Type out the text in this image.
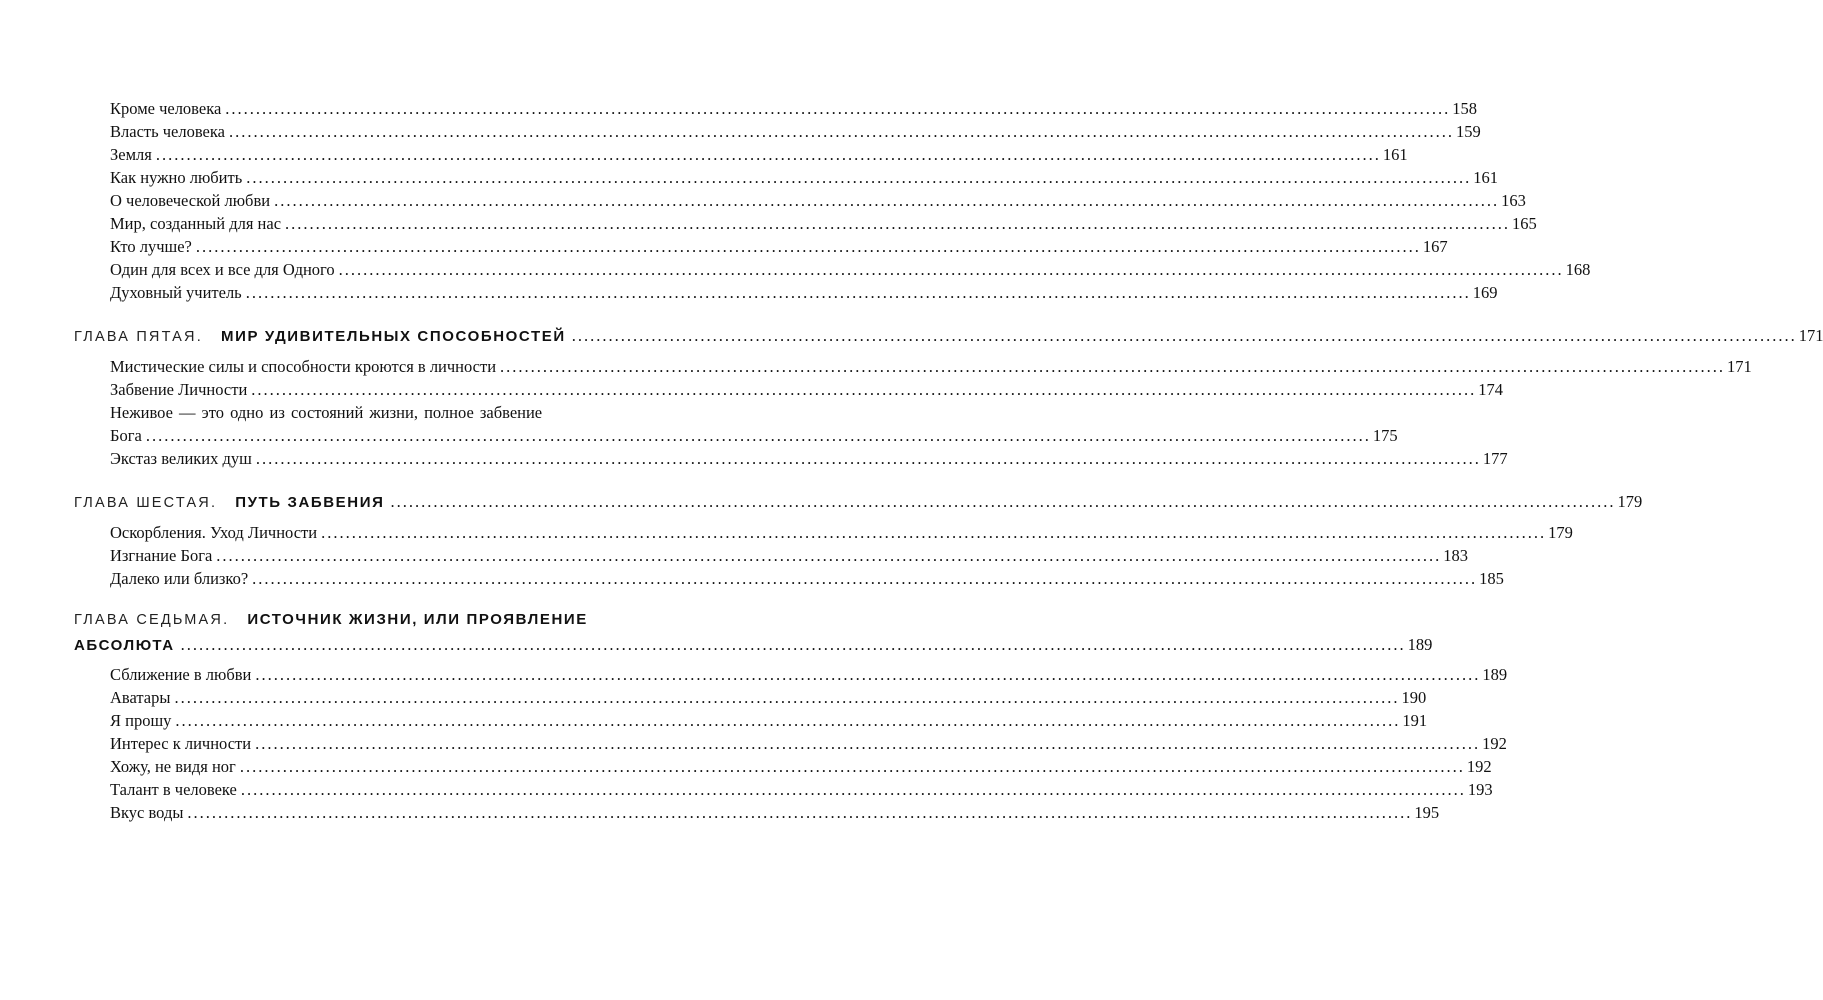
Кроме человека ........................................................................................................................................................................................................ 158
Власть человека ........................................................................................................................................................................................................ 159
Земля ........................................................................................................................................................................................................ 161
Как нужно любить ........................................................................................................................................................................................................ 161
О человеческой любви ........................................................................................................................................................................................................ 163
Мир, созданный для нас ........................................................................................................................................................................................................ 165
Кто лучше? ........................................................................................................................................................................................................ 167
Один для всех и все для Одного ........................................................................................................................................................................................................ 168
Духовный учитель ........................................................................................................................................................................................................ 169
ГЛАВА ПЯТАЯ. МИР УДИВИТЕЛЬНЫХ СПОСОБНОСТЕЙ ........................................................................................................................................................................................................ 171
Мистические силы и способности кроются в личности ........................................................................................................................................................................................................ 171
Забвение Личности ........................................................................................................................................................................................................ 174
Неживое — это одно из состояний жизни, полное забвение
Бога ........................................................................................................................................................................................................ 175
Экстаз великих душ ........................................................................................................................................................................................................ 177
ГЛАВА ШЕСТАЯ. ПУТЬ ЗАБВЕНИЯ ........................................................................................................................................................................................................ 179
Оскорбления. Уход Личности ........................................................................................................................................................................................................ 179
Изгнание Бога ........................................................................................................................................................................................................ 183
Далеко или близко? ........................................................................................................................................................................................................ 185
ГЛАВА СЕДЬМАЯ. ИСТОЧНИК ЖИЗНИ, ИЛИ ПРОЯВЛЕНИЕ
АБСОЛЮТА ........................................................................................................................................................................................................ 189
Сближение в любви ........................................................................................................................................................................................................ 189
Аватары ........................................................................................................................................................................................................ 190
Я прошу ........................................................................................................................................................................................................ 191
Интерес к личности ........................................................................................................................................................................................................ 192
Хожу, не видя ног ........................................................................................................................................................................................................ 192
Талант в человеке ........................................................................................................................................................................................................ 193
Вкус воды ........................................................................................................................................................................................................ 195
